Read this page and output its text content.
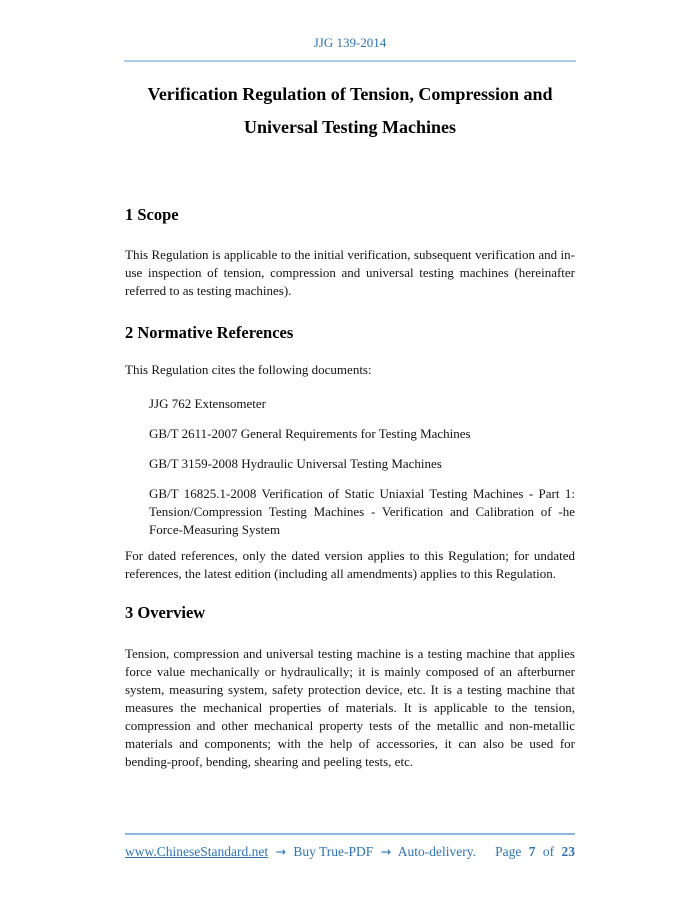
JJG 139-2014
Verification Regulation of Tension, Compression and
Universal Testing Machines
1 Scope

This Regulation is applicable to the initial verification, subsequent verification and in-use inspection of tension, compression and universal testing machines (hereinafter referred to as testing machines).

2 Normative References

This Regulation cites the following documents:

JJG 762 Extensometer
GB/T 2611-2007 General Requirements for Testing Machines
GB/T 3159-2008 Hydraulic Universal Testing Machines
GB/T 16825.1-2008 Verification of Static Uniaxial Testing Machines - Part 1: Tension/Compression Testing Machines - Verification and Calibration of -he Force-Measuring System

For dated references, only the dated version applies to this Regulation; for undated references, the latest edition (including all amendments) applies to this Regulation.

3 Overview

Tension, compression and universal testing machine is a testing machine that applies force value mechanically or hydraulically; it is mainly composed of an afterburner system, measuring system, safety protection device, etc. It is a testing machine that measures the mechanical properties of materials. It is applicable to the tension, compression and other mechanical property tests of the metallic and non-metallic materials and components; with the help of accessories, it can also be used for bending-proof, bending, shearing and peeling tests, etc.

www.ChineseStandard.net → Buy True-PDF → Auto-delivery. Page 7 of 23
